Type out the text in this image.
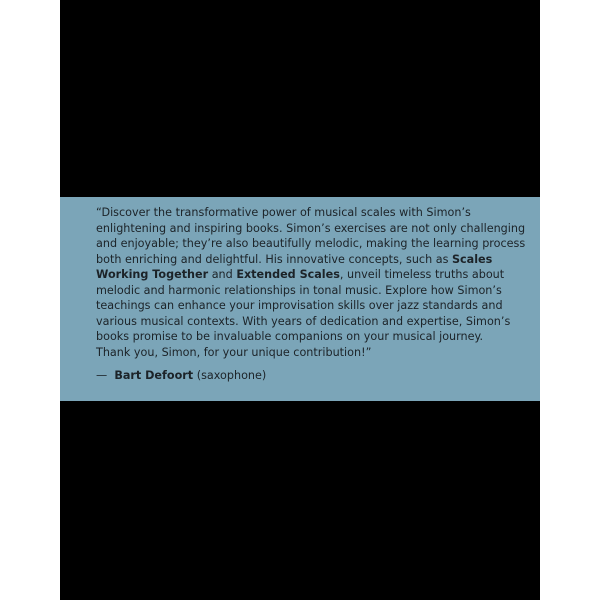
“Discover the transformative power of musical scales with Simon’s
enlightening and inspiring books. Simon’s exercises are not only challenging
and enjoyable; they’re also beautifully melodic, making the learning process
both enriching and delightful. His innovative concepts, such as Scales
Working Together and Extended Scales, unveil timeless truths about
melodic and harmonic relationships in tonal music. Explore how Simon’s
teachings can enhance your improvisation skills over jazz standards and
various musical contexts. With years of dedication and expertise, Simon’s
books promise to be invaluable companions on your musical journey.
Thank you, Simon, for your unique contribution!”
— Bart Defoort (saxophone)
